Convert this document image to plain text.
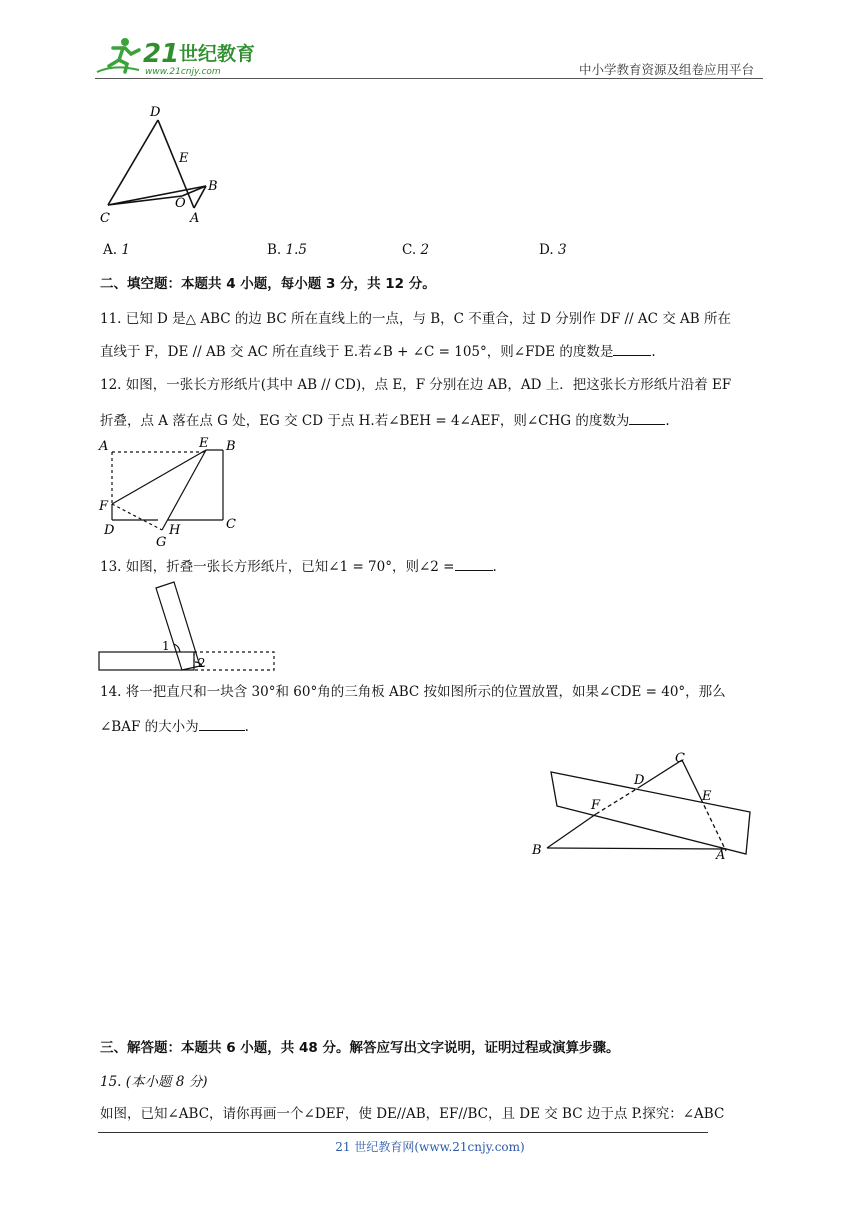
21 世纪教育
www.21cnjy.com	中小学教育资源及组卷应用平台
D
E
B
C
O
A
A. 1	B. 1.5	C. 2	D. 3
二、填空题：本题共 4 小题，每小题 3 分，共 12 分。
11. 已知 D 是△ ABC 的边 BC 所在直线上的一点，与 B，C 不重合，过 D 分别作 DF // AC 交 AB 所在
直线于 F，DE // AB 交 AC 所在直线于 E.若∠B + ∠C = 105°，则∠FDE 的度数是	.
12. 如图，一张长方形纸片(其中 AB // CD)，点 E，F 分别在边 AB，AD 上．把这张长方形纸片沿着 EF
折叠，点 A 落在点 G 处，EG 交 CD 于点 H.若∠BEH = 4∠AEF，则∠CHG 的度数为	.
A	E B
F
D	H
G
C
13. 如图，折叠一张长方形纸片，已知∠1 = 70°，则∠2 =	.
1
2
14. 将一把直尺和一块含 30°和 60°角的三角板 ABC 按如图所示的位置放置，如果∠CDE = 40°，那么
∠BAF 的大小为	.
C
D
E
F
B	A
三、解答题：本题共 6 小题，共 48 分。解答应写出文字说明，证明过程或演算步骤。
15. (本小题 8 分)
如图，已知∠ABC，请你再画一个∠DEF，使 DE//AB，EF//BC，且 DE 交 BC 边于点 P.探究：∠ABC
21 世纪教育网(www.21cnjy.com)
